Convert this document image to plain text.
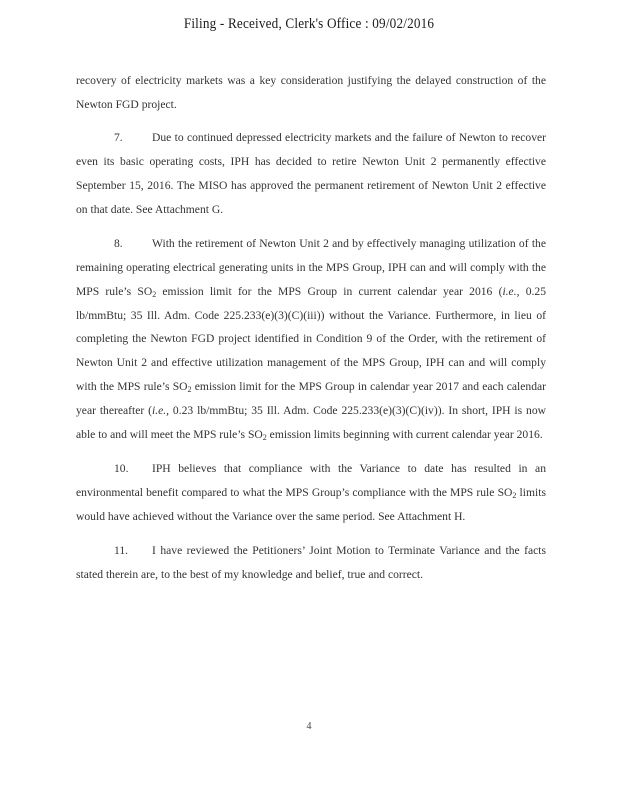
Filing - Received, Clerk's Office : 09/02/2016

recovery of electricity markets was a key consideration justifying the delayed construction of the Newton FGD project.

7.	Due to continued depressed electricity markets and the failure of Newton to recover even its basic operating costs, IPH has decided to retire Newton Unit 2 permanently effective September 15, 2016. The MISO has approved the permanent retirement of Newton Unit 2 effective on that date. See Attachment G.

8.	With the retirement of Newton Unit 2 and by effectively managing utilization of the remaining operating electrical generating units in the MPS Group, IPH can and will comply with the MPS rule’s $SO_2$ emission limit for the MPS Group in current calendar year 2016 (i.e., 0.25 lb/mmBtu; 35 Ill. Adm. Code 225.233(e)(3)(C)(iii)) without the Variance. Furthermore, in lieu of completing the Newton FGD project identified in Condition 9 of the Order, with the retirement of Newton Unit 2 and effective utilization management of the MPS Group, IPH can and will comply with the MPS rule’s $SO_2$ emission limit for the MPS Group in calendar year 2017 and each calendar year thereafter (i.e., 0.23 lb/mmBtu; 35 Ill. Adm. Code 225.233(e)(3)(C)(iv)). In short, IPH is now able to and will meet the MPS rule’s $SO_2$ emission limits beginning with current calendar year 2016.

10. IPH believes that compliance with the Variance to date has resulted in an environmental benefit compared to what the MPS Group’s compliance with the MPS rule $SO_2$ limits would have achieved without the Variance over the same period. See Attachment H.

11. I have reviewed the Petitioners’ Joint Motion to Terminate Variance and the facts stated therein are, to the best of my knowledge and belief, true and correct.

4
